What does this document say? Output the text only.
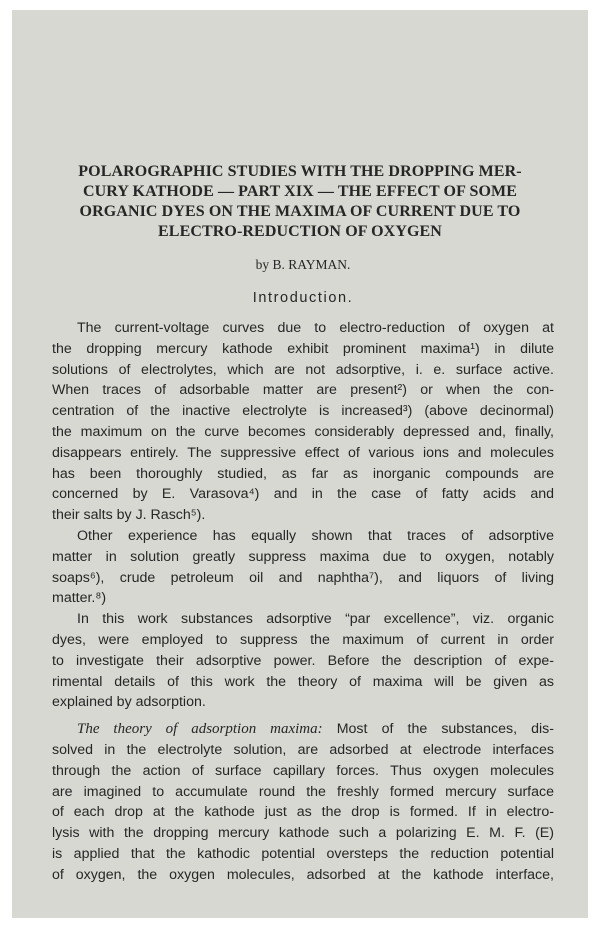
POLAROGRAPHIC STUDIES WITH THE DROPPING MER-
CURY KATHODE — PART XIX — THE EFFECT OF SOME
ORGANIC DYES ON THE MAXIMA OF CURRENT DUE TO
ELECTRO-REDUCTION OF OXYGEN
by B. RAYMAN.
Introduction.

The current-voltage curves due to electro-reduction of oxygen at
the dropping mercury kathode exhibit prominent maxima¹) in dilute
solutions of electrolytes, which are not adsorptive, i. e. surface active.
When traces of adsorbable matter are present²) or when the con-
centration of the inactive electrolyte is increased³) (above decinormal)
the maximum on the curve becomes considerably depressed and, finally,
disappears entirely. The suppressive effect of various ions and molecules
has been thoroughly studied, as far as inorganic compounds are
concerned by E. Varasova⁴) and in the case of fatty acids and
their salts by J. Rasch⁵).

Other experience has equally shown that traces of adsorptive
matter in solution greatly suppress maxima due to oxygen, notably
soaps⁶), crude petroleum oil and naphtha⁷), and liquors of living
matter.⁸)

In this work substances adsorptive “par excellence”, viz. organic
dyes, were employed to suppress the maximum of current in order
to investigate their adsorptive power. Before the description of expe-
rimental details of this work the theory of maxima will be given as
explained by adsorption.

The theory of adsorption maxima: Most of the substances, dis-
solved in the electrolyte solution, are adsorbed at electrode interfaces
through the action of surface capillary forces. Thus oxygen molecules
are imagined to accumulate round the freshly formed mercury surface
of each drop at the kathode just as the drop is formed. If in electro-
lysis with the dropping mercury kathode such a polarizing E. M. F. (E)
is applied that the kathodic potential oversteps the reduction potential
of oxygen, the oxygen molecules, adsorbed at the kathode interface,
